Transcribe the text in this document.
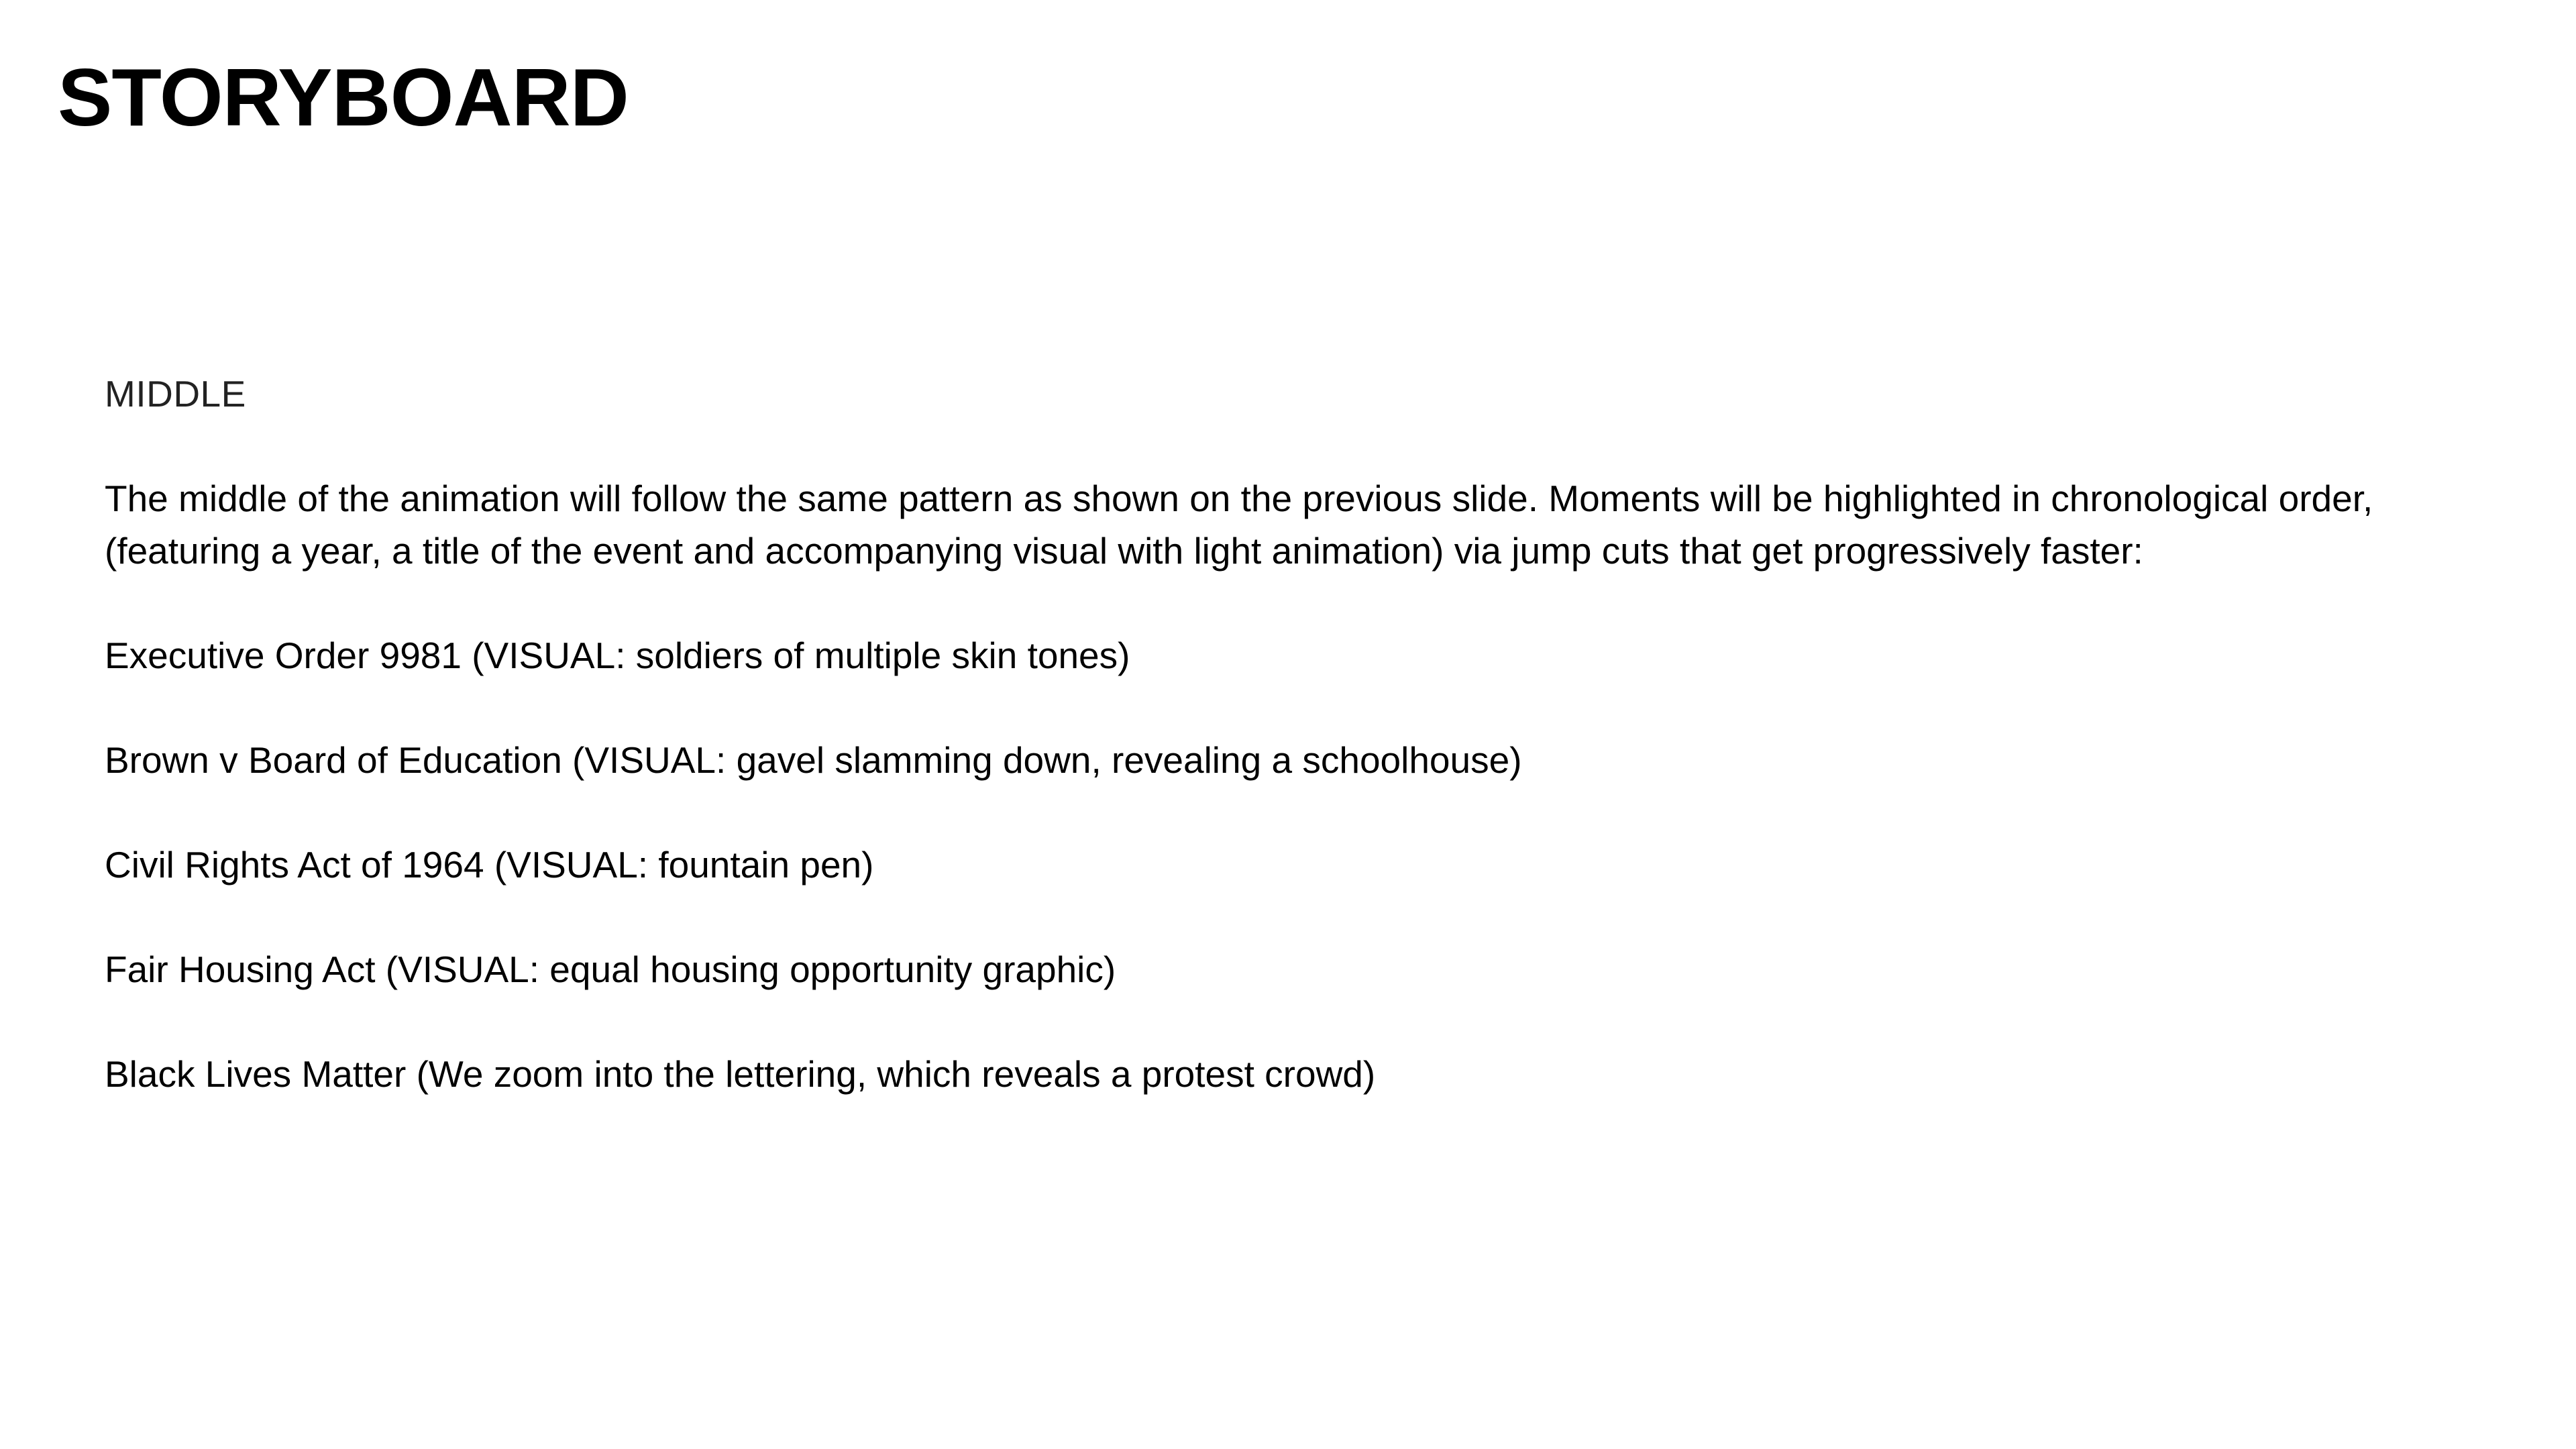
STORYBOARD

MIDDLE

The middle of the animation will follow the same pattern as shown on the previous slide. Moments will be highlighted in chronological order, (featuring a year, a title of the event and accompanying visual with light animation) via jump cuts that get progressively faster:

Executive Order 9981 (VISUAL: soldiers of multiple skin tones)

Brown v Board of Education (VISUAL: gavel slamming down, revealing a schoolhouse)

Civil Rights Act of 1964 (VISUAL: fountain pen)

Fair Housing Act (VISUAL: equal housing opportunity graphic)

Black Lives Matter (We zoom into the lettering, which reveals a protest crowd)
